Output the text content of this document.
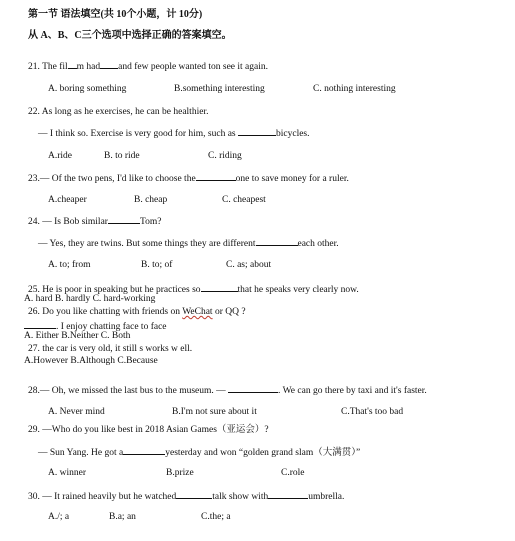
第一节 语法填空(共 10个小题，计 10分)
从 A、B、C三个选项中选择正确的答案填空。
21. The fil m had and few people wanted ton see it again.
A. boring something	B.something interesting	C. nothing interesting
22. As long as he exercises, he can be healthier.
— I think so. Exercise is very good for him, such as	bicycles.
A.ride	B. to ride	C. riding
23.— Of the two pens, I'd like to choose the	one to save money for a ruler.
A.cheaper	B. cheap	C. cheapest
24. — Is Bob similar	Tom?
— Yes, they are twins. But some things they are different	each other.
A. to; from	B. to; of	C. as; about
25. He is poor in speaking but he practices so	that he speaks very clearly now.
A. hard B. hardly C. hard-working
26. Do you like chatting with friends on WeChat or QQ ?
. I enjoy chatting face to face
A. Either B.Neither C. Both
27. the car is very old, it still s works w ell.
A.However B.Although C.Because
28.— Oh, we missed the last bus to the museum. —	. We can go there by taxi and it's faster.
A. Never mind	B.I'm not sure about it	C.That's too bad
29. —Who do you like best in 2018 Asian Games（亚运会）?
— Sun Yang. He got a	yesterday and won “golden grand slam（大满贯）”
A. winner	B.prize	C.role
30. — It rained heavily but he watched	talk show with	umbrella.
A./; a	B.a; an	C.the; a
